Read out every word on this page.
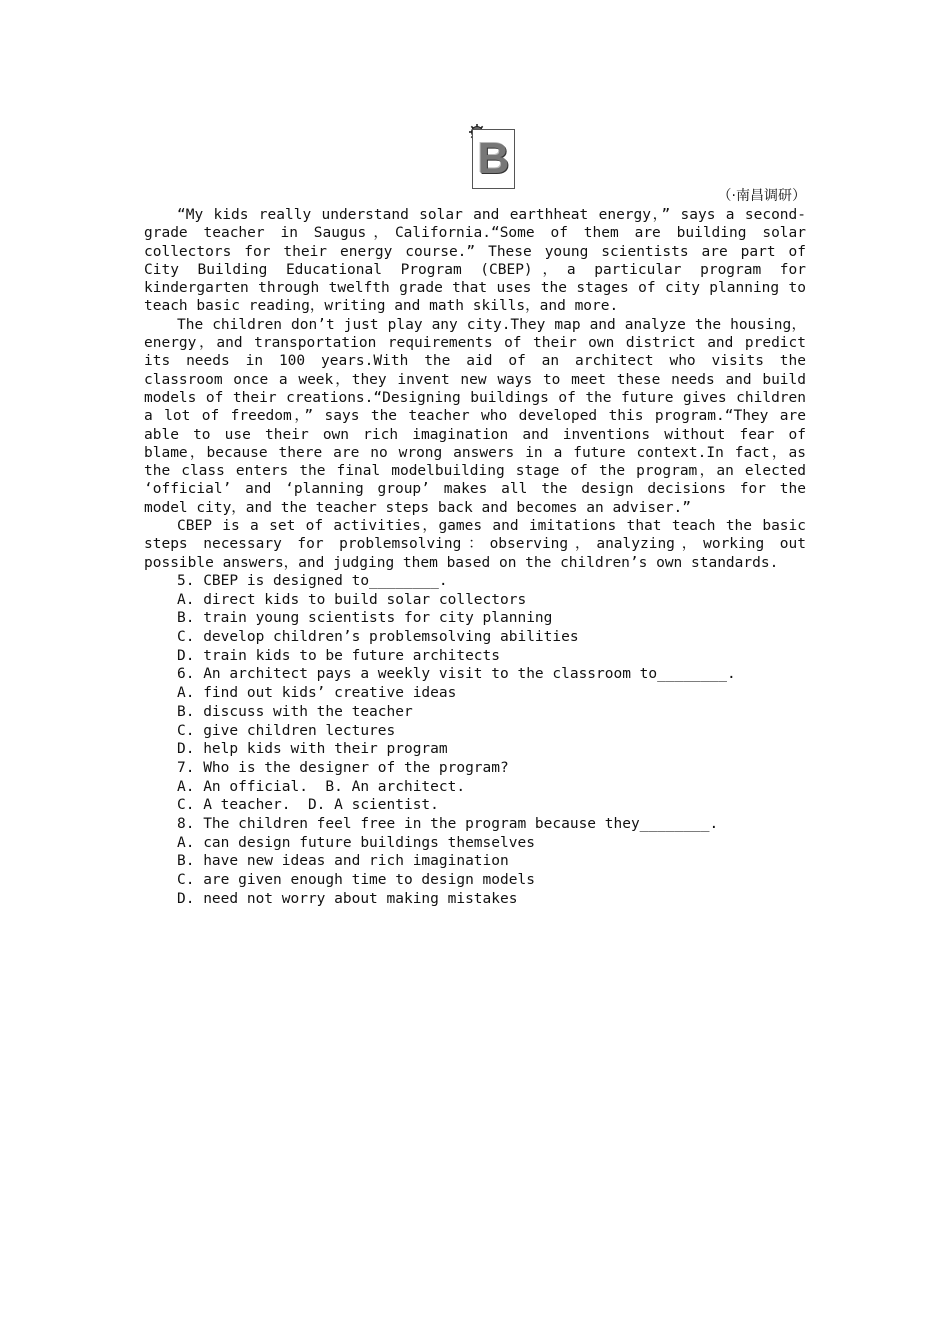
B
（·南昌调研）

“My kids really understand solar and earthheat energy，” says a second-grade teacher in Saugus，California.“Some of them are building solar collectors for their energy course.” These young scientists are part of City Building Educational Program (CBEP)，a particular program for kindergarten through twelfth grade that uses the stages of city planning to teach basic reading，writing and math skills，and more.

The children don’t just play any city.They map and analyze the housing，energy，and transportation requirements of their own district and predict its needs in 100 years.With the aid of an architect who visits the classroom once a week，they invent new ways to meet these needs and build models of their creations.“Designing buildings of the future gives children a lot of freedom，” says the teacher who developed this program.“They are able to use their own rich imagination and inventions without fear of blame，because there are no wrong answers in a future context.In fact，as the class enters the final modelbuilding stage of the program，an elected ‘official’ and ‘planning group’ makes all the design decisions for the model city，and the teacher steps back and becomes an adviser.”

CBEP is a set of activities，games and imitations that teach the basic steps necessary for problemsolving：observing，analyzing，working out possible answers，and judging them based on the children’s own standards.

5. CBEP is designed to________.
A. direct kids to build solar collectors
B. train young scientists for city planning
C. develop children’s problemsolving abilities
D. train kids to be future architects
6. An architect pays a weekly visit to the classroom to________.
A. find out kids’ creative ideas
B. discuss with the teacher
C. give children lectures
D. help kids with their program
7. Who is the designer of the program?
A. An official.  B. An architect.
C. A teacher.  D. A scientist.
8. The children feel free in the program because they________.
A. can design future buildings themselves
B. have new ideas and rich imagination
C. are given enough time to design models
D. need not worry about making mistakes
